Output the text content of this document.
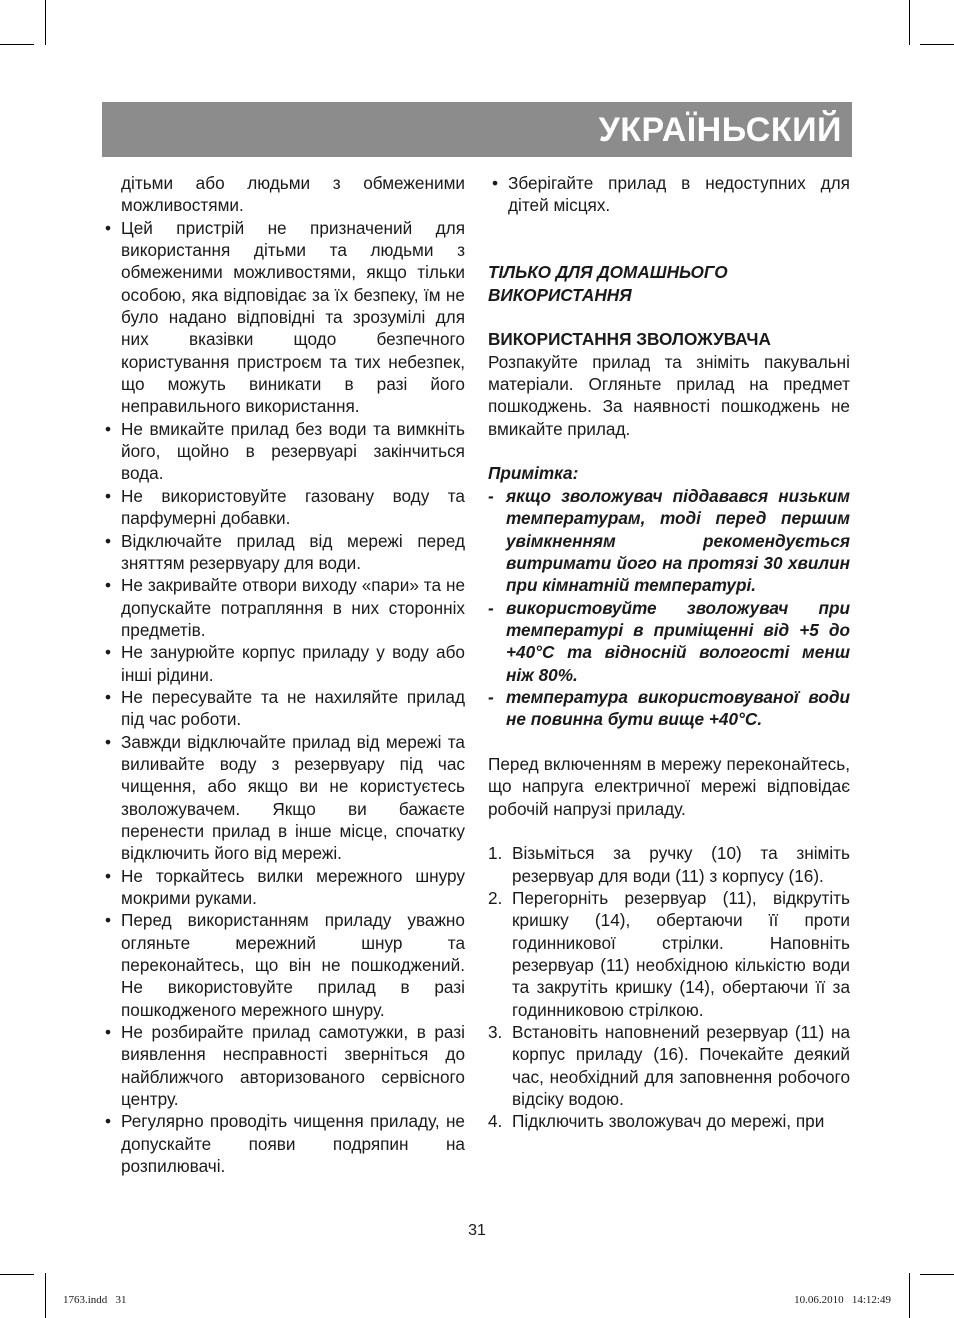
УКРАЇНЬСКИЙ

дітьми або людьми з обмеженими можливостями.

• Цей пристрій не призначений для використання дітьми та людьми з обмеженими можливостями, якщо тільки особою, яка відповідає за їх безпеку, їм не було надано відповідні та зрозумілі для них вказівки щодо безпечного користування пристроєм та тих небезпек, що можуть виникати в разі його неправильного використання.
• Не вмикайте прилад без води та вимкніть його, щойно в резервуарі закінчиться вода.
• Не використовуйте газовану воду та парфумерні добавки.
• Відключайте прилад від мережі перед зняттям резервуару для води.
• Не закривайте отвори виходу «пари» та не допускайте потрапляння в них сторонніх предметів.
• Не занурюйте корпус приладу у воду або інші рідини.
• Не пересувайте та не нахиляйте прилад під час роботи.
• Завжди відключайте прилад від мережі та виливайте воду з резервуару під час чищення, або якщо ви не користуєтесь зволожувачем. Якщо ви бажаєте перенести прилад в інше місце, спочатку відключить його від мережі.
• Не торкайтесь вилки мережного шнуру мокрими руками.
• Перед використанням приладу уважно огляньте мережний шнур та переконайтесь, що він не пошкоджений. Не використовуйте прилад в разі пошкодженого мережного шнуру.
• Не розбирайте прилад самотужки, в разі виявлення несправності зверніться до найближчого авторизованого сервісного центру.
• Регулярно проводіть чищення приладу, не допускайте появи подряпин на розпилювачі.
• Зберігайте прилад в недоступних для дітей місцях.

ТІЛЬКО ДЛЯ ДОМАШНЬОГО ВИКОРИСТАННЯ

ВИКОРИСТАННЯ ЗВОЛОЖУВАЧА

Розпакуйте прилад та зніміть пакувальні матеріали. Огляньте прилад на предмет пошкоджень. За наявності пошкоджень не вмикайте прилад.

Примітка:

- якщо зволожувач піддавався низьким температурам, тоді перед першим увімкненням рекомендується витримати його на протязі 30 хвилин при кімнатній температурі.
- використовуйте зволожувач при температурі в приміщенні від +5 до +40°С та відносній вологості менш ніж 80%.
- температура використовуваної води не повинна бути вище +40°С.

Перед включенням в мережу переконайтесь, що напруга електричної мережі відповідає робочій напрузі приладу.

1. Візьміться за ручку (10) та зніміть резервуар для води (11) з корпусу (16).
2. Перегорніть резервуар (11), відкрутіть кришку (14), обертаючи її проти годинникової стрілки. Наповніть резервуар (11) необхідною кількістю води та закрутіть кришку (14), обертаючи її за годинниковою стрілкою.
3. Встановіть наповнений резервуар (11) на корпус приладу (16). Почекайте деякий час, необхідний для заповнення робочого відсіку водою.
4. Підключить зволожувач до мережі, при
31
1763.indd   31	10.06.2010   14:12:49
